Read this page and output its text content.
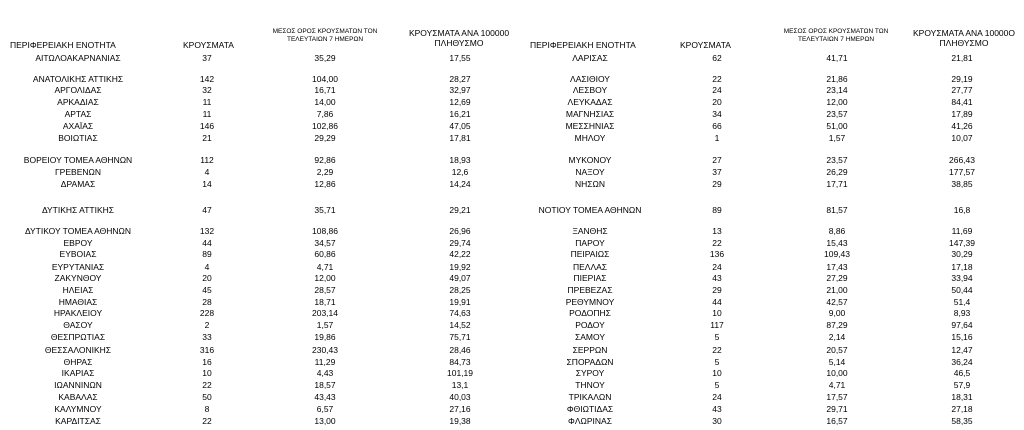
ΠΕΡΙΦΕΡΕΙΑΚΗ ΕΝΟΤΗΤΑ	ΚΡΟΥΣΜΑΤΑ
ΜΕΣΟΣ ΟΡΟΣ ΚΡΟΥΣΜΑΤΩΝ ΤΟΝ ΤΕΛΕΥΤΑΙΩΝ 7 ΗΜΕΡΩΝ
ΚΡΟΥΣΜΑΤΑ ΑΝΑ 100000 ΠΛΗΘΥΣΜΟ	ΠΕΡΙΦΕΡΕΙΑΚΗ ΕΝΟΤΗΤΑ	ΚΡΟΥΣΜΑΤΑ
ΜΕΣΟΣ ΟΡΟΣ ΚΡΟΥΣΜΑΤΩΝ ΤΩΝ ΤΕΛΕΥΤΑΙΩΝ 7 ΗΜΕΡΩΝ
ΚΡΟΥΣΜΑΤΑ ΑΝΑ 10000Ο ΠΛΗΘΥΣΜΟ
ΑΙΤΩΛΟΑΚΑΡΝΑΝΙΑΣ	37	35,29	17,55
ΑΝΑΤΟΛΙΚΗΣ ΑΤΤΙΚΗΣ	142	104,00	28,27
ΑΡΓΟΛΙΔΑΣ	32	16,71	32,97
ΑΡΚΑΔΙΑΣ	11	14,00	12,69
ΑΡΤΑΣ	11	7,86	16,21
ΑΧΑΪΑΣ	146	102,86	47,05
ΒΟΙΩΤΙΑΣ	21	29,29	17,81
ΒΟΡΕΙΟΥ ΤΟΜΕΑ ΑΘΗΝΩΝ	112	92,86	18,93
ΓΡΕΒΕΝΩΝ	4	2,29	12,6
ΔΡΑΜΑΣ	14	12,86	14,24
ΔΥΤΙΚΗΣ ΑΤΤΙΚΗΣ	47	35,71	29,21
ΔΥΤΙΚΟΥ ΤΟΜΕΑ ΑΘΗΝΩΝ	132	108,86	26,96
ΕΒΡΟΥ	44	34,57	29,74
ΕΥΒΟΙΑΣ	89	60,86	42,22
ΕΥΡΥΤΑΝΙΑΣ	4	4,71	19,92
ΖΑΚΥΝΘΟΥ	20	12,00	49,07
ΗΛΕΙΑΣ	45	28,57	28,25
ΗΜΑΘΙΑΣ	28	18,71	19,91
ΗΡΑΚΛΕΙΟΥ	228	203,14	74,63
ΘΑΣΟΥ	2	1,57	14,52
ΘΕΣΠΡΩΤΙΑΣ	33	19,86	75,71
ΘΕΣΣΑΛΟΝΙΚΗΣ	316	230,43	28,46
ΘΗΡΑΣ	16	11,29	84,73
ΙΚΑΡΙΑΣ	10	4,43	101,19
ΙΩΑΝΝΙΝΩΝ	22	18,57	13,1
ΚΑΒΑΛΑΣ	50	43,43	40,03
ΚΑΛΥΜΝΟΥ	8	6,57	27,16
ΚΑΡΔΙΤΣΑΣ	22	13,00	19,38
ΛΑΡΙΣΑΣ	62	41,71	21,81
ΛΑΣΙΘΙΟΥ	22	21,86	29,19
ΛΕΣΒΟΥ	24	23,14	27,77
ΛΕΥΚΑΔΑΣ	20	12,00	84,41
ΜΑΓΝΗΣΙΑΣ	34	23,57	17,89
ΜΕΣΣΗΝΙΑΣ	66	51,00	41,26
ΜΗΛΟΥ	1	1,57	10,07
ΜΥΚΟΝΟΥ	27	23,57	266,43
ΝΑΞΟΥ	37	26,29	177,57
ΝΗΣΩΝ	29	17,71	38,85
ΝΟΤΙΟΥ ΤΟΜΕΑ ΑΘΗΝΩΝ	89	81,57	16,8
ΞΑΝΘΗΣ	13	8,86	11,69
ΠΑΡΟΥ	22	15,43	147,39
ΠΕΙΡΑΙΩΣ	136	109,43	30,29
ΠΕΛΛΑΣ	24	17,43	17,18
ΠΙΕΡΙΑΣ	43	27,29	33,94
ΠΡΕΒΕΖΑΣ	29	21,00	50,44
ΡΕΘΥΜΝΟΥ	44	42,57	51,4
ΡΟΔΟΠΗΣ	10	9,00	8,93
ΡΟΔΟΥ	117	87,29	97,64
ΣΑΜΟΥ	5	2,14	15,16
ΣΕΡΡΩΝ	22	20,57	12,47
ΣΠΟΡΑΔΩΝ	5	5,14	36,24
ΣΥΡΟΥ	10	10,00	46,5
ΤΗΝΟΥ	5	4,71	57,9
ΤΡΙΚΑΛΩΝ	24	17,57	18,31
ΦΘΙΩΤΙΔΑΣ	43	29,71	27,18
ΦΛΩΡΙΝΑΣ	30	16,57	58,35
